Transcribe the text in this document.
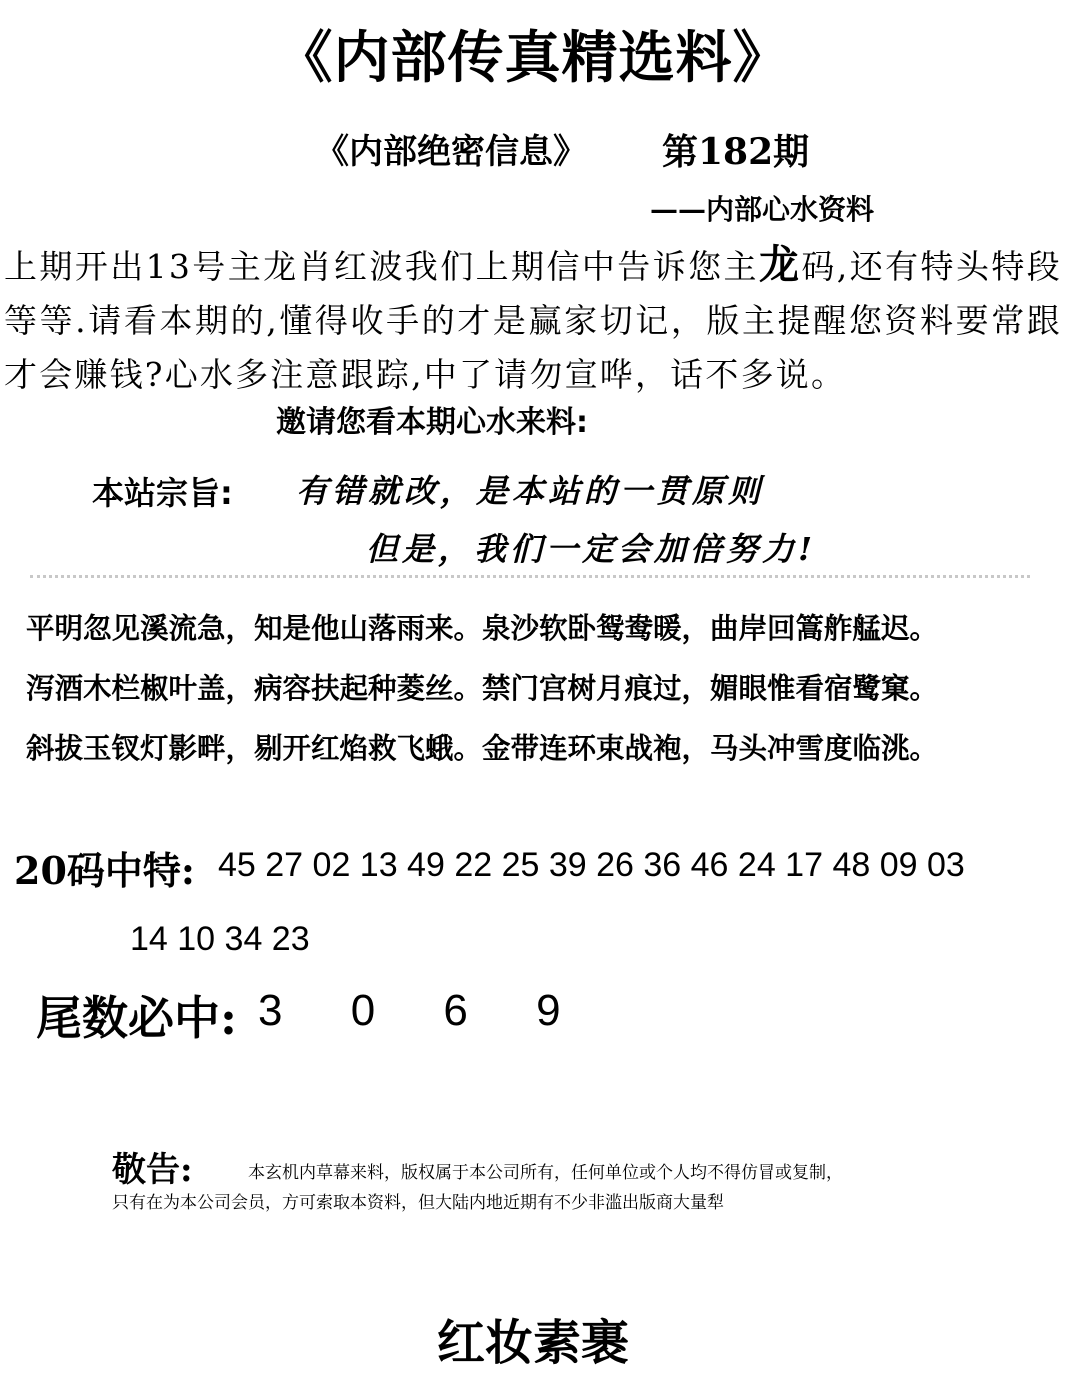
《内部传真精选料》
《内部绝密信息》 第182期
——内部心水资料
上期开出13号主龙肖红波我们上期信中告诉您主龙码,还有特头特段等等.请看本期的,懂得收手的才是赢家切记，版主提醒您资料要常跟才会赚钱?心水多注意跟踪,中了请勿宣哗，话不多说。
邀请您看本期心水来料:
本站宗旨: 有错就改，是本站的一贯原则
但是，我们一定会加倍努力!
平明忽见溪流急，知是他山落雨来。泉沙软卧鸳鸯暖，曲岸回篙舴艋迟。
泻酒木栏椒叶盖，病容扶起种菱丝。禁门宫树月痕过，媚眼惟看宿鹭窠。
斜拔玉钗灯影畔，剔开红焰救飞蛾。金带连环束战袍，马头冲雪度临洮。
20码中特: 45 27 02 13 49 22 25 39 26 36 46 24 17 48 09 03
14 10 34 23
尾数必中: 3 0 6 9
敬告:	本玄机内草幕来料，版权属于本公司所有，任何单位或个人均不得仿冒或复制，
只有在为本公司会员，方可索取本资料，但大陆内地近期有不少非滥出版商大量犁
红妆素裹
